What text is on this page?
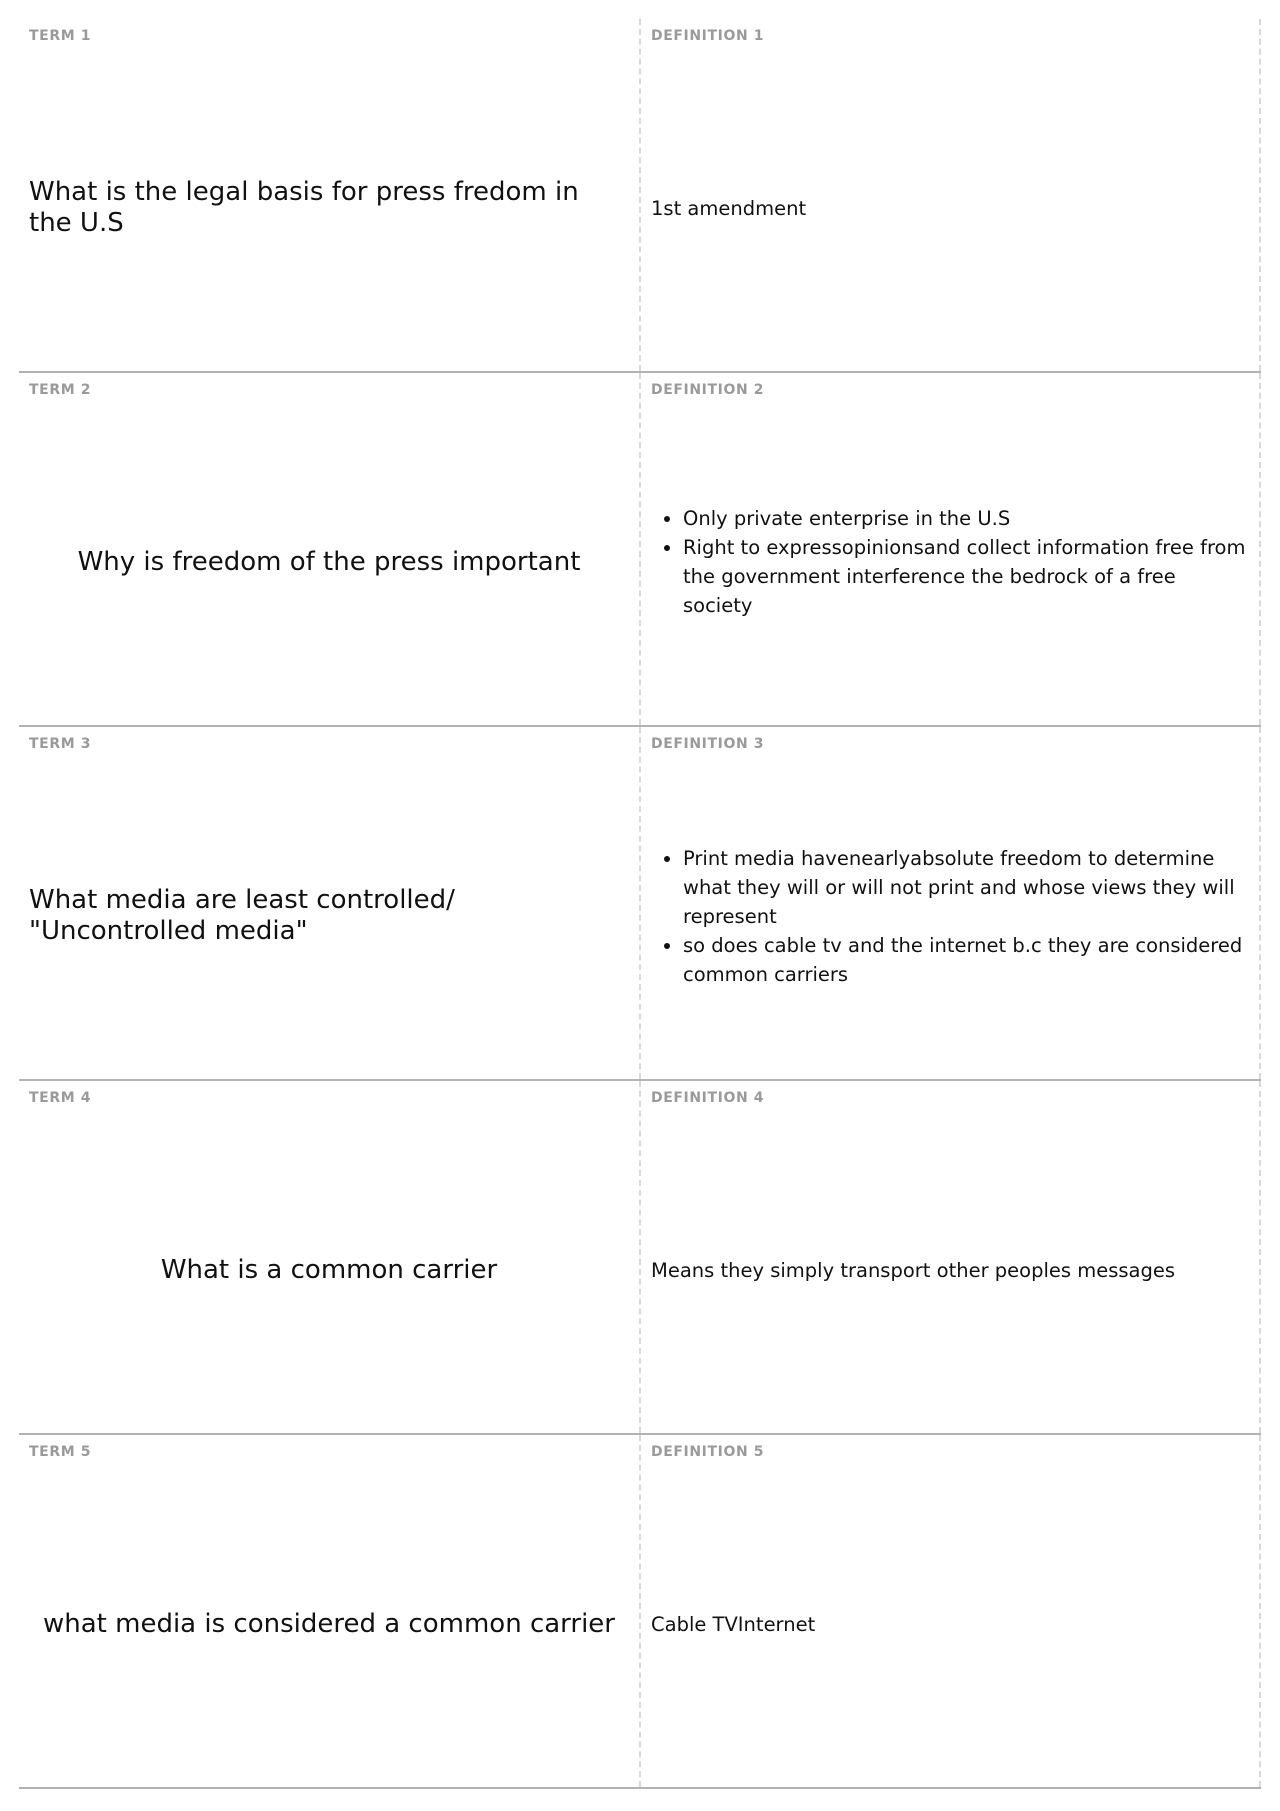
TERM 1
What is the legal basis for press fredom in the U.S
DEFINITION 1
1st amendment
TERM 2
Why is freedom of the press important
DEFINITION 2
• Only private enterprise in the U.S
• Right to expressopinionsand collect information free from the government interference the bedrock of a free society
TERM 3
What media are least controlled/ "Uncontrolled media"
DEFINITION 3
• Print media havenearlyabsolute freedom to determine what they will or will not print and whose views they will represent
• so does cable tv and the internet b.c they are considered common carriers
TERM 4
What is a common carrier
DEFINITION 4
Means they simply transport other peoples messages
TERM 5
what media is considered a common carrier
DEFINITION 5
Cable TVInternet
